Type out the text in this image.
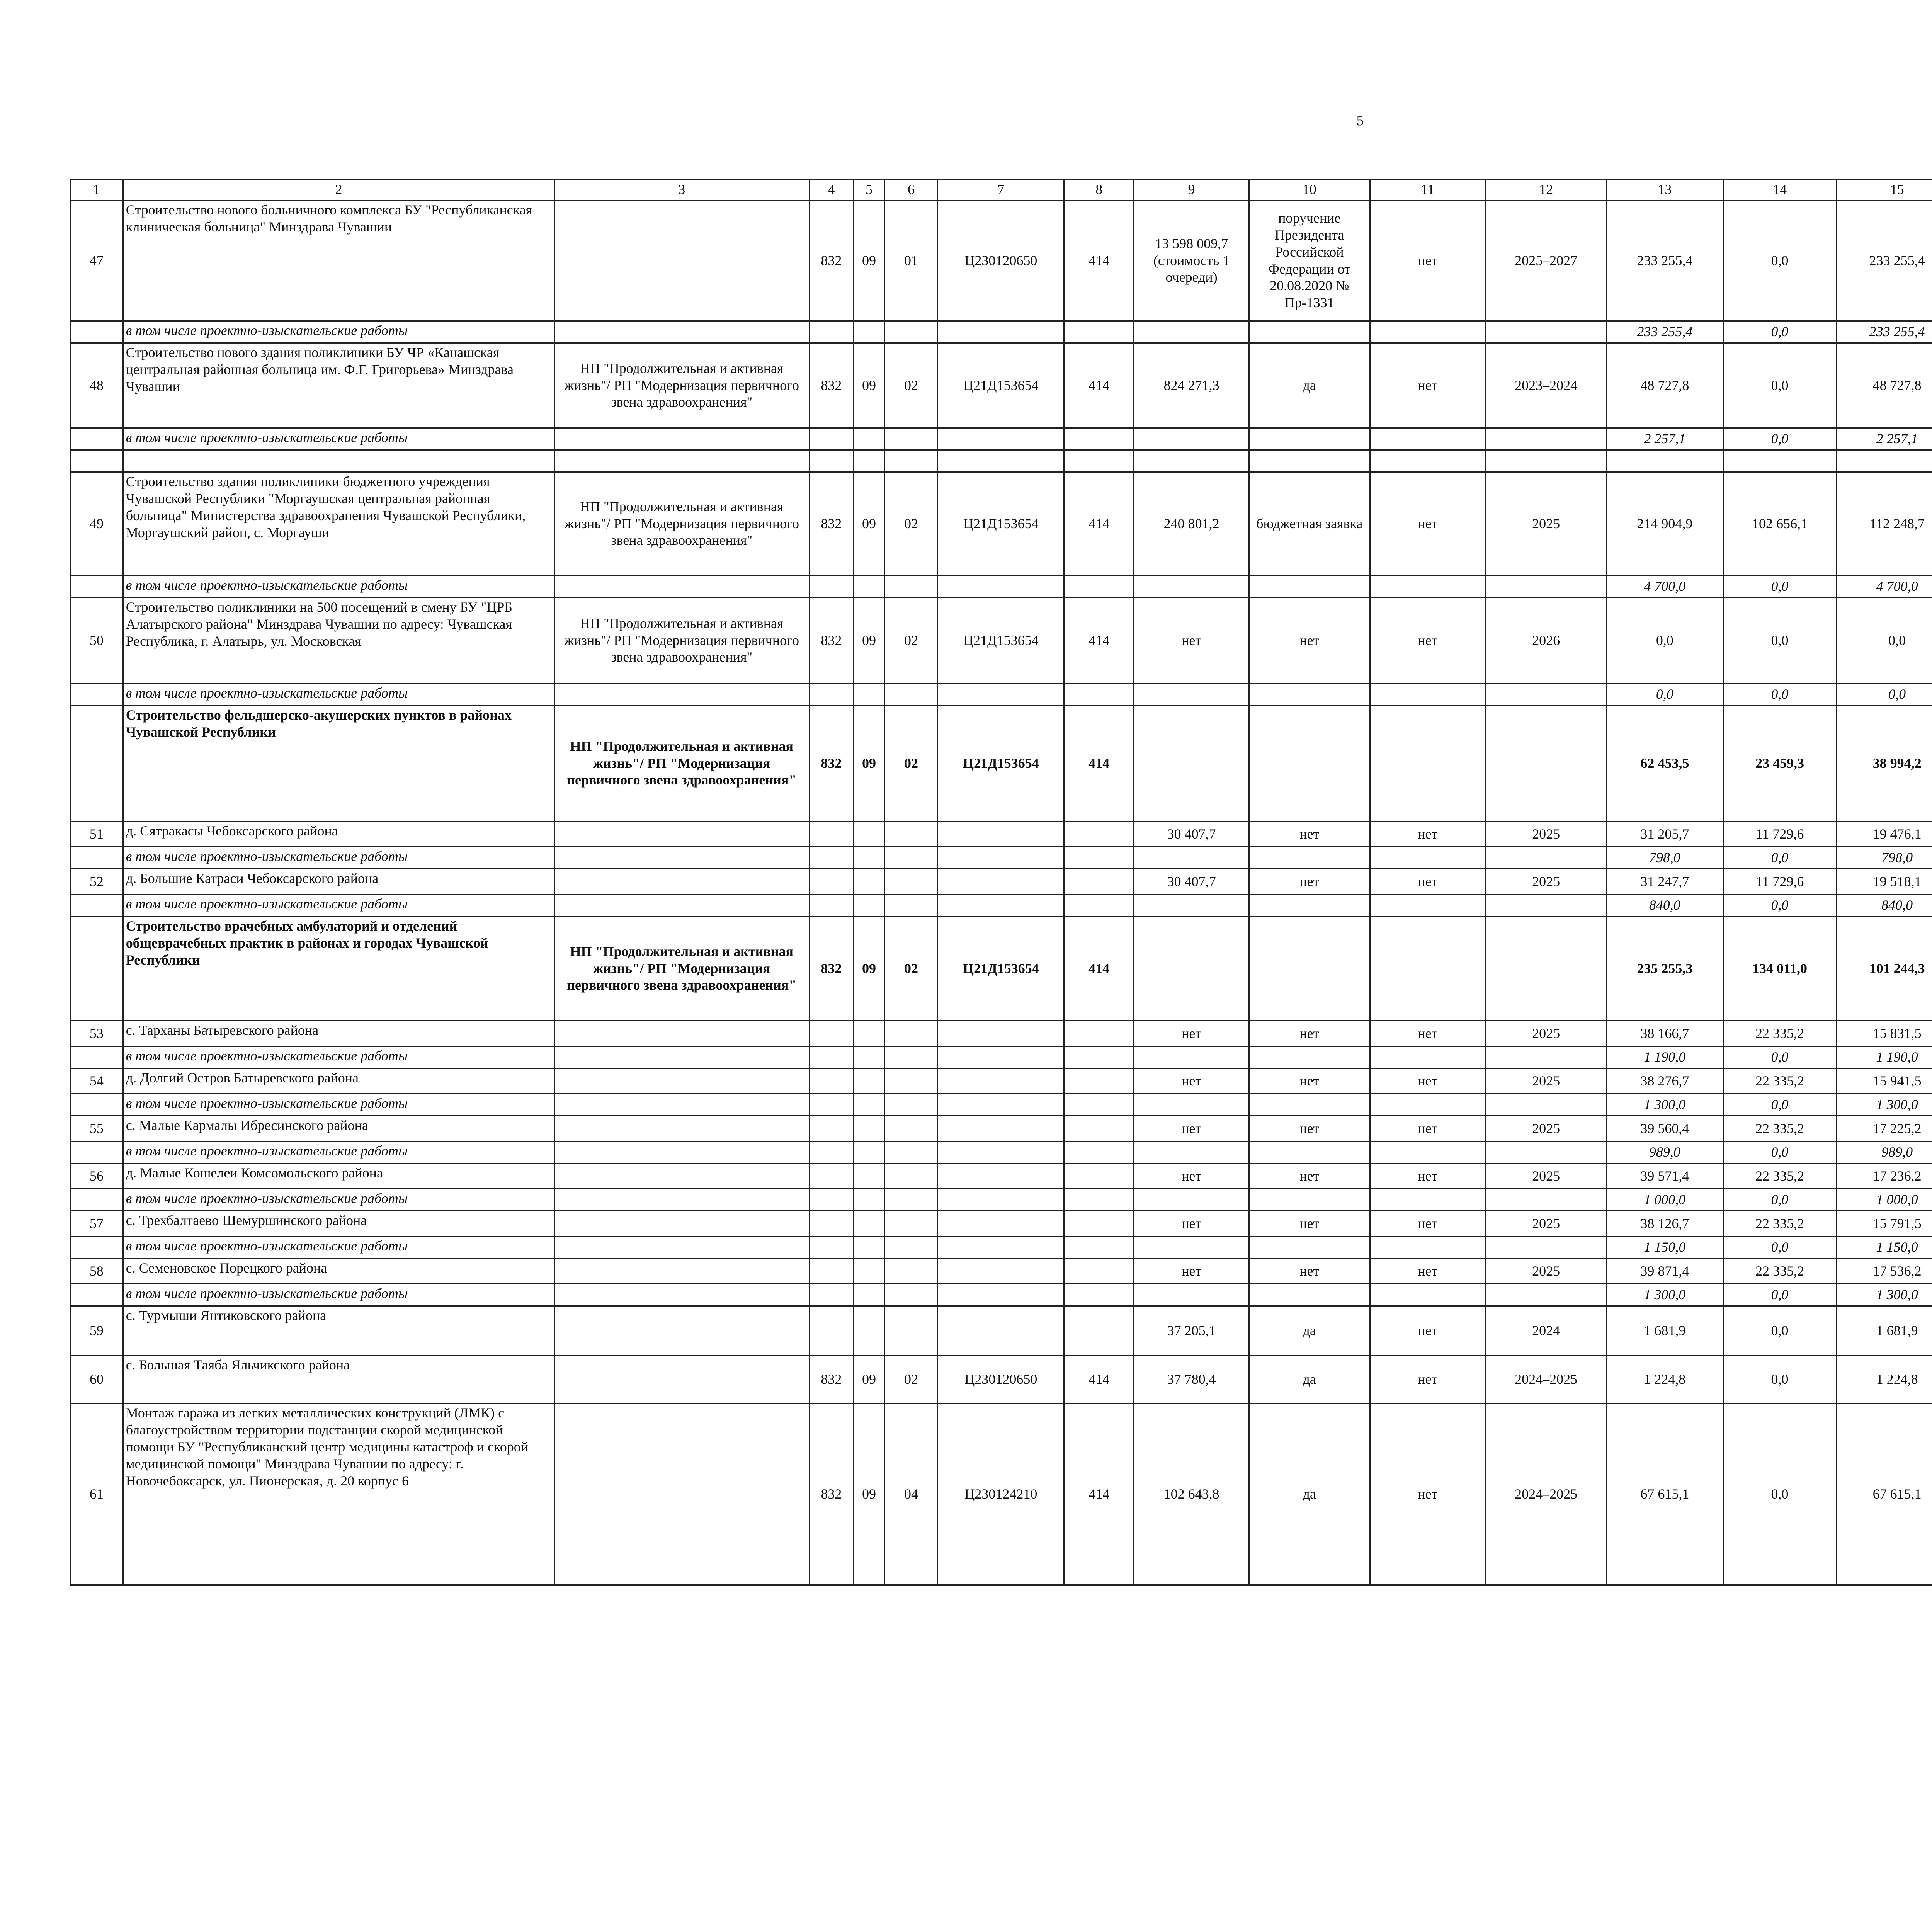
5
1	2	3	4	5	6	7	8	9	10	11	12	13	14	15						
47	Строительство нового больничного комплекса БУ "Республиканская клиническая больница" Минздрава Чувашии		832	09	01	Ц230120650	414	13 598 009,7 (стоимость 1 очереди)	поручение Президента Российской Федерации от 20.08.2020 № Пр-1331	нет	2025–2027	233 255,4	0,0	233 255,4						
	в том числе проектно-изыскательские работы											233 255,4	0,0	233 255,4						
48	Строительство нового здания поликлиники БУ ЧР «Канашская центральная районная больница им. Ф.Г. Григорьева» Минздрава Чувашии	НП "Продолжительная и активная жизнь"/ РП "Модернизация первичного звена здравоохранения"	832	09	02	Ц21Д153654	414	824 271,3	да	нет	2023–2024	48 727,8	0,0	48 727,8						
	в том числе проектно-изыскательские работы											2 257,1	0,0	2 257,1						

49	Строительство здания поликлиники бюджетного учреждения Чувашской Республики "Моргаушская центральная районная больница" Министерства здравоохранения Чувашской Республики, Моргаушский район, с. Моргауши	НП "Продолжительная и активная жизнь"/ РП "Модернизация первичного звена здравоохранения"	832	09	02	Ц21Д153654	414	240 801,2	бюджетная заявка	нет	2025	214 904,9	102 656,1	112 248,7						
	в том числе проектно-изыскательские работы											4 700,0	0,0	4 700,0						
50	Строительство поликлиники на 500 посещений в смену БУ "ЦРБ Алатырского района" Минздрава Чувашии по адресу: Чувашская Республика, г. Алатырь, ул. Московская	НП "Продолжительная и активная жизнь"/ РП "Модернизация первичного звена здравоохранения"	832	09	02	Ц21Д153654	414	нет	нет	нет	2026	0,0	0,0	0,0						
	в том числе проектно-изыскательские работы											0,0	0,0	0,0						
	Строительство фельдшерско-акушерских пунктов в районах Чувашской Республики	НП "Продолжительная и активная жизнь"/ РП "Модернизация первичного звена здравоохранения"	832	09	02	Ц21Д153654	414					62 453,5	23 459,3	38 994,2						
51	д. Сятракасы Чебоксарского района							30 407,7	нет	нет	2025	31 205,7	11 729,6	19 476,1						
	в том числе проектно-изыскательские работы											798,0	0,0	798,0						
52	д. Большие Катраси Чебоксарского района							30 407,7	нет	нет	2025	31 247,7	11 729,6	19 518,1						
	в том числе проектно-изыскательские работы											840,0	0,0	840,0						
	Строительство врачебных амбулаторий и отделений общеврачебных практик в районах и городах Чувашской Республики	НП "Продолжительная и активная жизнь"/ РП "Модернизация первичного звена здравоохранения"	832	09	02	Ц21Д153654	414					235 255,3	134 011,0	101 244,3						
53	с. Тарханы Батыревского района							нет	нет	нет	2025	38 166,7	22 335,2	15 831,5						
	в том числе проектно-изыскательские работы											1 190,0	0,0	1 190,0						
54	д. Долгий Остров Батыревского района							нет	нет	нет	2025	38 276,7	22 335,2	15 941,5						
	в том числе проектно-изыскательские работы											1 300,0	0,0	1 300,0						
55	с. Малые Кармалы Ибресинского района							нет	нет	нет	2025	39 560,4	22 335,2	17 225,2						
	в том числе проектно-изыскательские работы											989,0	0,0	989,0						
56	д. Малые Кошелеи Комсомольского района							нет	нет	нет	2025	39 571,4	22 335,2	17 236,2						
	в том числе проектно-изыскательские работы											1 000,0	0,0	1 000,0						
57	с. Трехбалтаево Шемуршинского района							нет	нет	нет	2025	38 126,7	22 335,2	15 791,5						
	в том числе проектно-изыскательские работы											1 150,0	0,0	1 150,0						
58	с. Семеновское Порецкого района							нет	нет	нет	2025	39 871,4	22 335,2	17 536,2						
	в том числе проектно-изыскательские работы											1 300,0	0,0	1 300,0						
59	с. Турмыши Янтиковского района							37 205,1	да	нет	2024	1 681,9	0,0	1 681,9						
60	с. Большая Таяба Яльчикского района		832	09	02	Ц230120650	414	37 780,4	да	нет	2024–2025	1 224,8	0,0	1 224,8						
61	Монтаж гаража из легких металлических конструкций (ЛМК) с благоустройством территории подстанции скорой медицинской помощи БУ "Республиканский центр медицины катастроф и скорой медицинской помощи" Минздрава Чувашии по адресу: г. Новочебоксарск, ул. Пионерская, д. 20 корпус 6		832	09	04	Ц230124210	414	102 643,8	да	нет	2024–2025	67 615,1	0,0	67 615,1						
